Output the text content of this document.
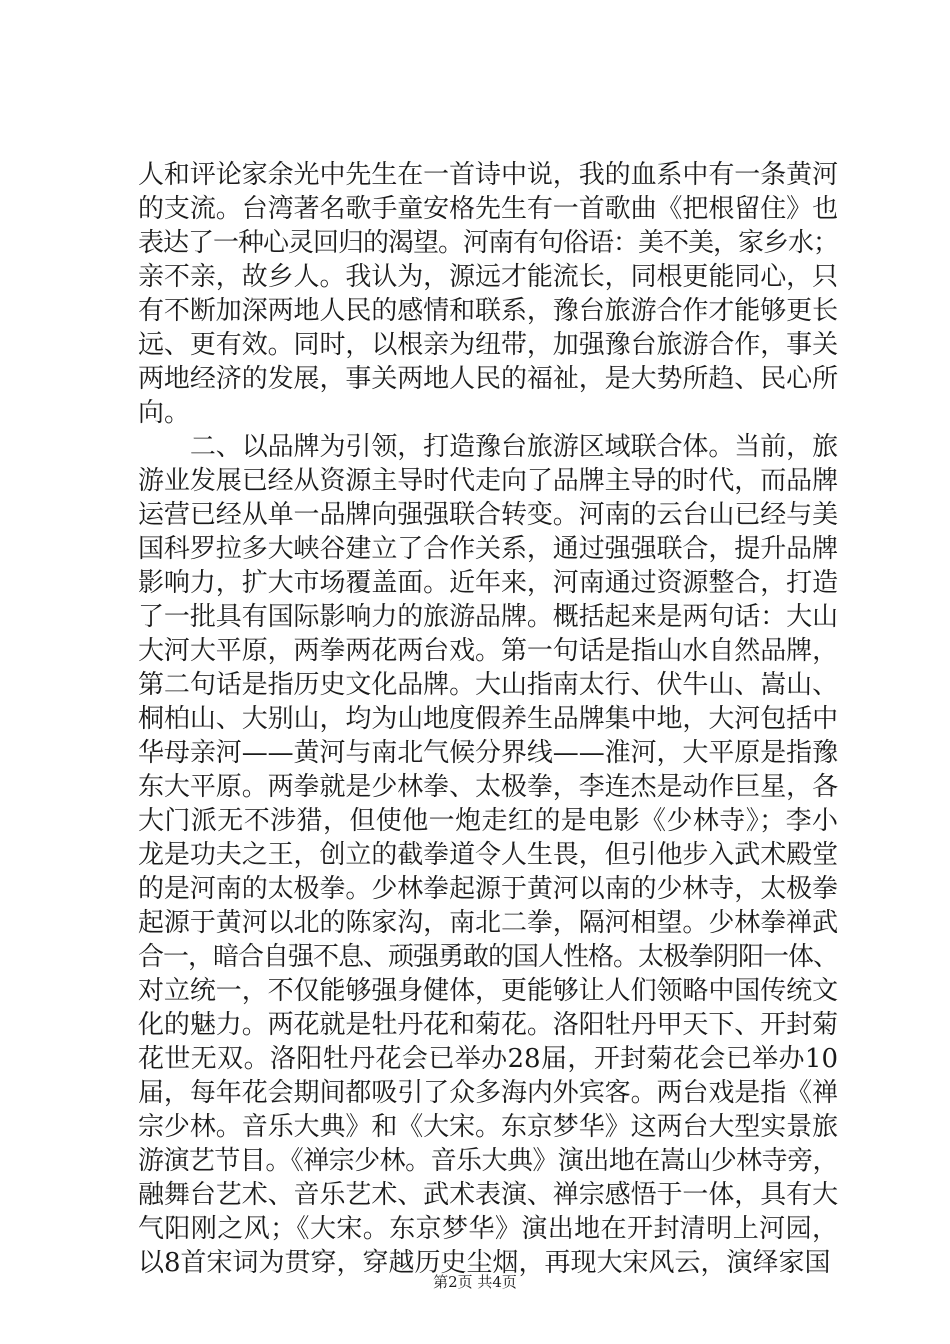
人和评论家余光中先生在一首诗中说，我的血系中有一条黄河
的支流。台湾著名歌手童安格先生有一首歌曲《把根留住》也
表达了一种心灵回归的渴望。河南有句俗语：美不美，家乡水；
亲不亲，故乡人。我认为，源远才能流长，同根更能同心，只
有不断加深两地人民的感情和联系，豫台旅游合作才能够更长
远、更有效。同时，以根亲为纽带，加强豫台旅游合作，事关
两地经济的发展，事关两地人民的福祉，是大势所趋、民心所
向。
　　二、以品牌为引领，打造豫台旅游区域联合体。当前，旅
游业发展已经从资源主导时代走向了品牌主导的时代，而品牌
运营已经从单一品牌向强强联合转变。河南的云台山已经与美
国科罗拉多大峡谷建立了合作关系，通过强强联合，提升品牌
影响力，扩大市场覆盖面。近年来，河南通过资源整合，打造
了一批具有国际影响力的旅游品牌。概括起来是两句话：大山
大河大平原，两拳两花两台戏。第一句话是指山水自然品牌，
第二句话是指历史文化品牌。大山指南太行、伏牛山、嵩山、
桐柏山、大别山，均为山地度假养生品牌集中地，大河包括中
华母亲河——黄河与南北气候分界线——淮河，大平原是指豫
东大平原。两拳就是少林拳、太极拳，李连杰是动作巨星，各
大门派无不涉猎，但使他一炮走红的是电影《少林寺》；李小
龙是功夫之王，创立的截拳道令人生畏，但引他步入武术殿堂
的是河南的太极拳。少林拳起源于黄河以南的少林寺，太极拳
起源于黄河以北的陈家沟，南北二拳，隔河相望。少林拳禅武
合一，暗合自强不息、顽强勇敢的国人性格。太极拳阴阳一体、
对立统一，不仅能够强身健体，更能够让人们领略中国传统文
化的魅力。两花就是牡丹花和菊花。洛阳牡丹甲天下、开封菊
花世无双。洛阳牡丹花会已举办28届，开封菊花会已举办10
届，每年花会期间都吸引了众多海内外宾客。两台戏是指《禅
宗少林。音乐大典》和《大宋。东京梦华》这两台大型实景旅
游演艺节目。《禅宗少林。音乐大典》演出地在嵩山少林寺旁，
融舞台艺术、音乐艺术、武术表演、禅宗感悟于一体，具有大
气阳刚之风；《大宋。东京梦华》演出地在开封清明上河园，
以8首宋词为贯穿，穿越历史尘烟，再现大宋风云，演绎家国
第2页 共4页
